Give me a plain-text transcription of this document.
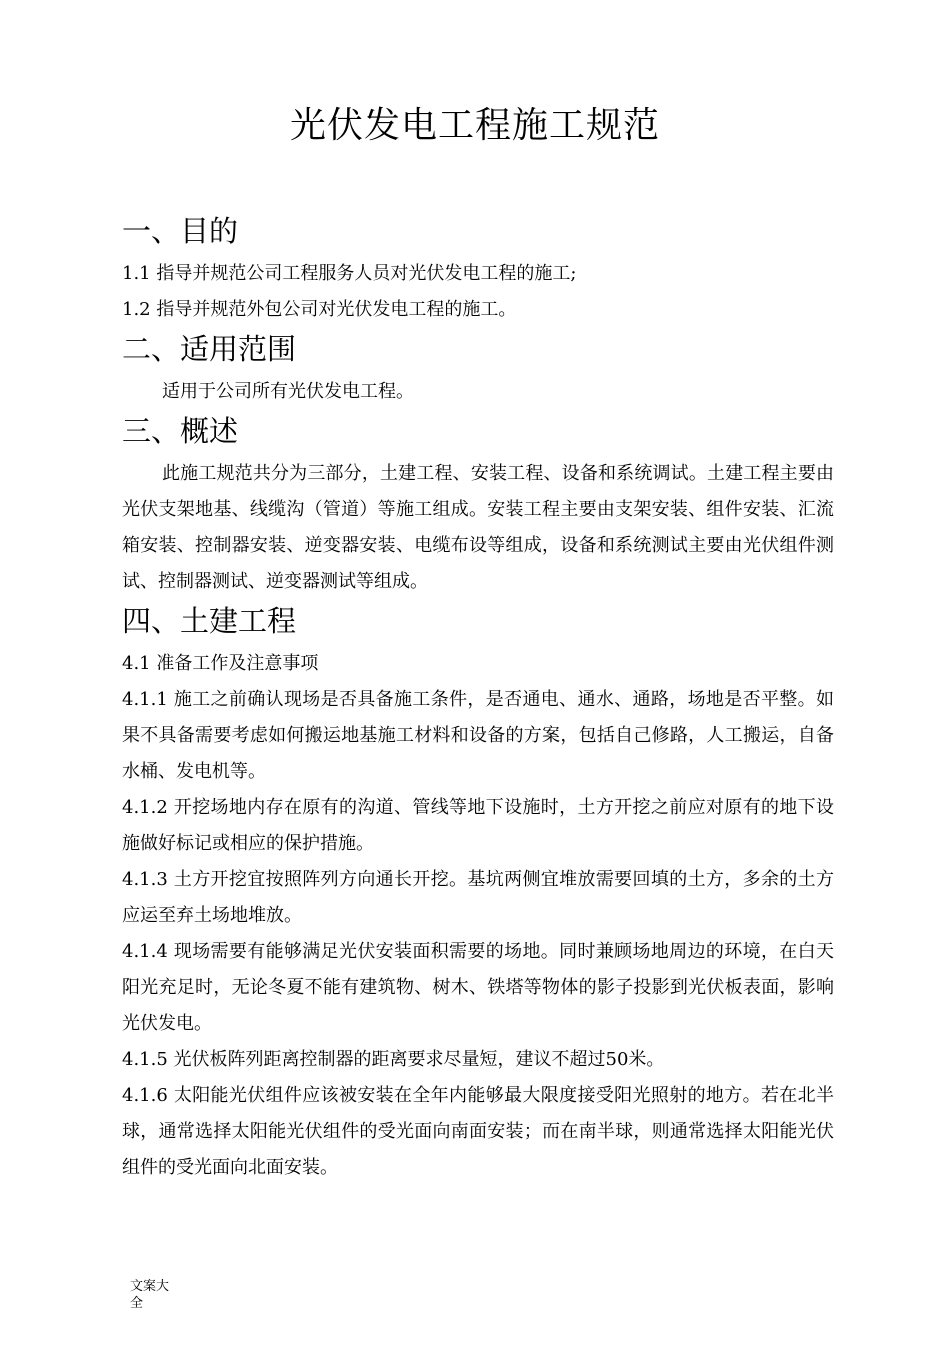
光伏发电工程施工规范
一、目的

1.1 指导并规范公司工程服务人员对光伏发电工程的施工;

1.2 指导并规范外包公司对光伏发电工程的施工。

二、适用范围

适用于公司所有光伏发电工程。

三、概述

此施工规范共分为三部分，土建工程、安装工程、设备和系统调试。土建工程主要由光伏支架地基、线缆沟（管道）等施工组成。安装工程主要由支架安装、组件安装、汇流箱安装、控制器安装、逆变器安装、电缆布设等组成，设备和系统测试主要由光伏组件测试、控制器测试、逆变器测试等组成。

四、土建工程

4.1 准备工作及注意事项

4.1.1 施工之前确认现场是否具备施工条件，是否通电、通水、通路，场地是否平整。如果不具备需要考虑如何搬运地基施工材料和设备的方案，包括自己修路，人工搬运，自备水桶、发电机等。

4.1.2 开挖场地内存在原有的沟道、管线等地下设施时，土方开挖之前应对原有的地下设施做好标记或相应的保护措施。

4.1.3 土方开挖宜按照阵列方向通长开挖。基坑两侧宜堆放需要回填的土方，多余的土方应运至弃土场地堆放。

4.1.4 现场需要有能够满足光伏安装面积需要的场地。同时兼顾场地周边的环境，在白天阳光充足时，无论冬夏不能有建筑物、树木、铁塔等物体的影子投影到光伏板表面，影响光伏发电。

4.1.5 光伏板阵列距离控制器的距离要求尽量短，建议不超过50米。

4.1.6 太阳能光伏组件应该被安装在全年内能够最大限度接受阳光照射的地方。若在北半球，通常选择太阳能光伏组件的受光面向南面安装；而在南半球，则通常选择太阳能光伏组件的受光面向北面安装。

文案大全
